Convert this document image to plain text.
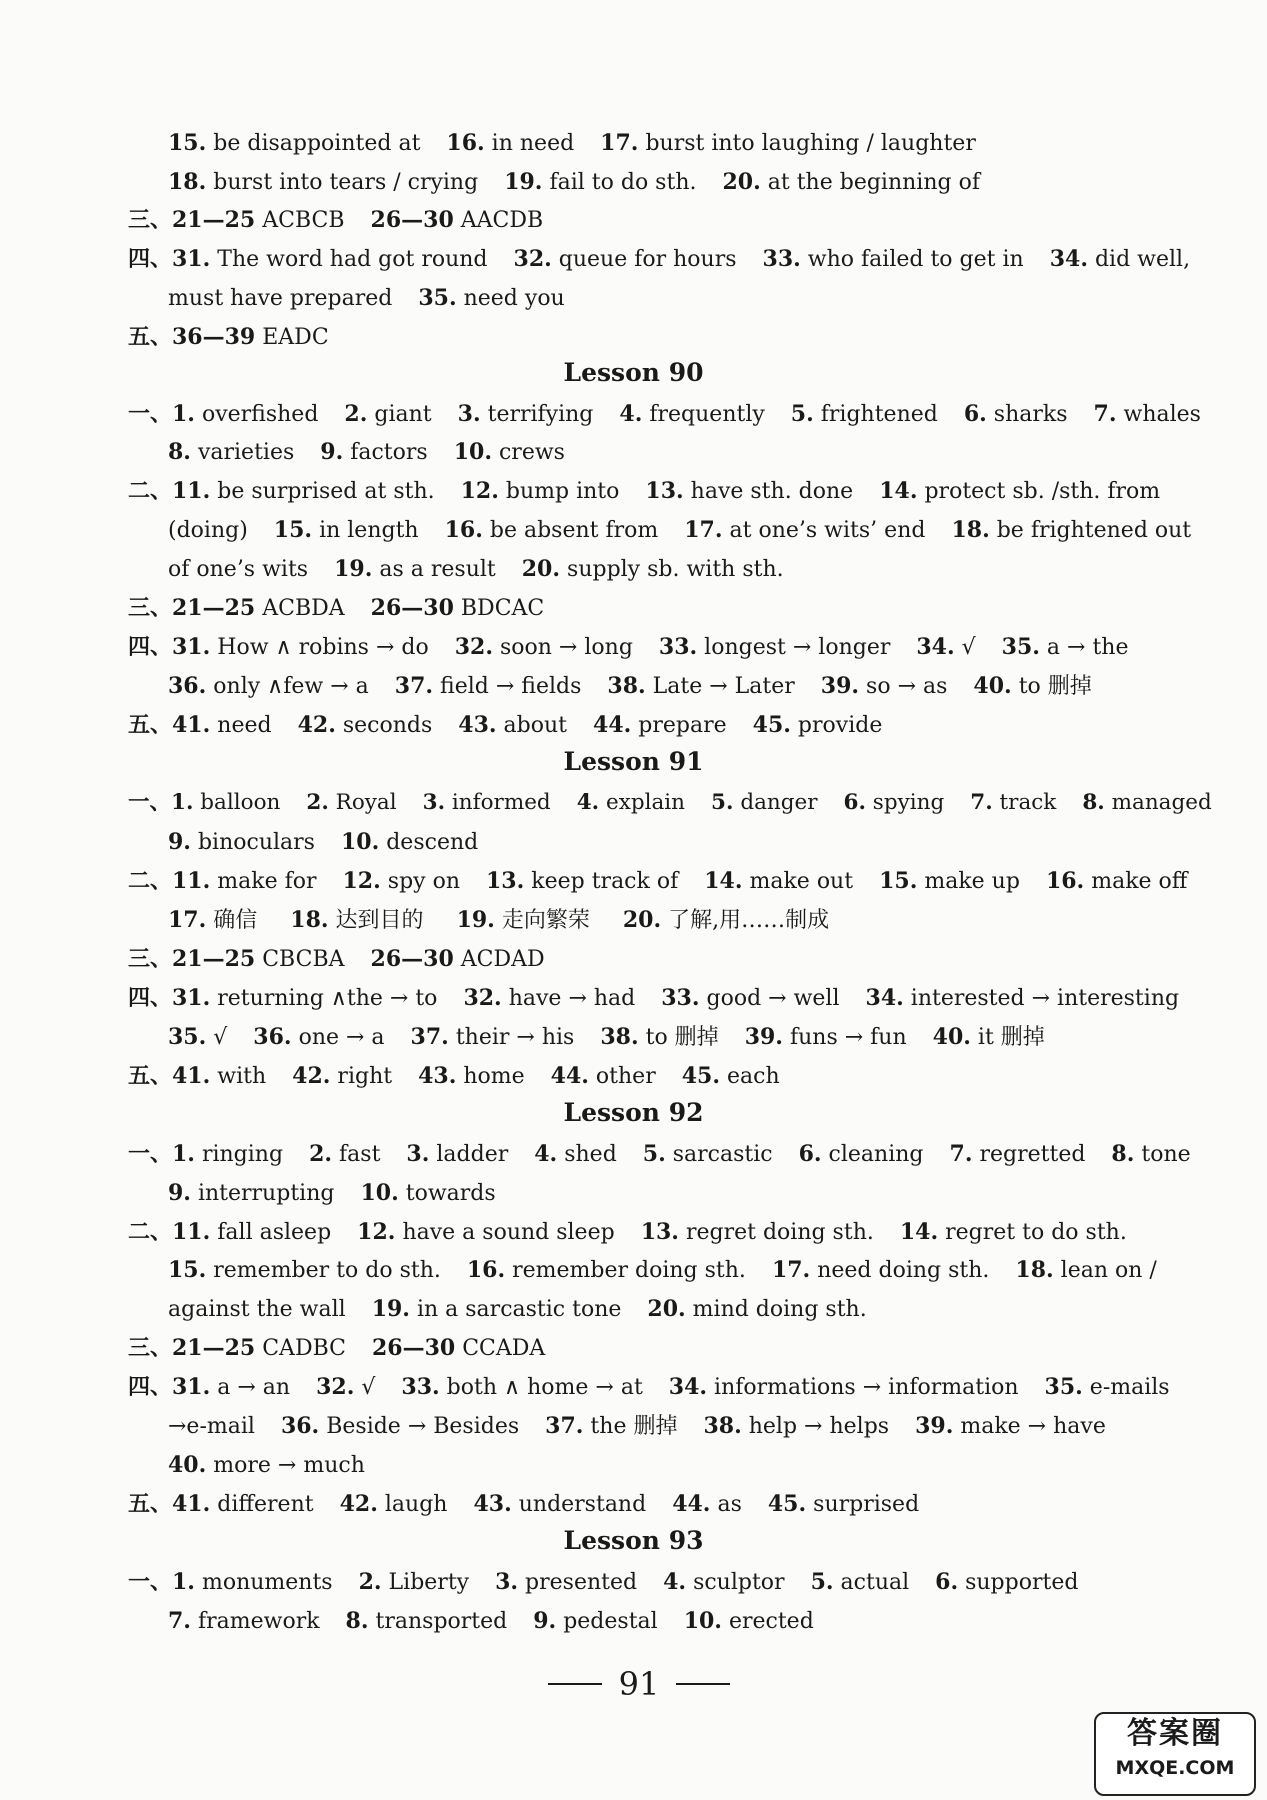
15. be disappointed at 16. in need 17. burst into laughing / laughter
18. burst into tears / crying 19. fail to do sth. 20. at the beginning of
三、21—25 ACBCB 26—30 AACDB
四、31. The word had got round 32. queue for hours 33. who failed to get in 34. did well,
must have prepared 35. need you
五、36—39 EADC
Lesson 90
一、1. overfished 2. giant 3. terrifying 4. frequently 5. frightened 6. sharks 7. whales
8. varieties 9. factors 10. crews
二、11. be surprised at sth. 12. bump into 13. have sth. done 14. protect sb. /sth. from
(doing) 15. in length 16. be absent from 17. at one’s wits’ end 18. be frightened out
of one’s wits 19. as a result 20. supply sb. with sth.
三、21—25 ACBDA 26—30 BDCAC
四、31. How ∧ robins → do 32. soon → long 33. longest → longer 34. √ 35. a → the
36. only ∧few → a 37. field → fields 38. Late → Later 39. so → as 40. to 删掉
五、41. need 42. seconds 43. about 44. prepare 45. provide
Lesson 91
一、1. balloon 2. Royal 3. informed 4. explain 5. danger 6. spying 7. track 8. managed
9. binoculars 10. descend
二、11. make for 12. spy on 13. keep track of 14. make out 15. make up 16. make off
17. 确信 18. 达到目的 19. 走向繁荣 20. 了解,用……制成
三、21—25 CBCBA 26—30 ACDAD
四、31. returning ∧the → to 32. have → had 33. good → well 34. interested → interesting
35. √ 36. one → a 37. their → his 38. to 删掉 39. funs → fun 40. it 删掉
五、41. with 42. right 43. home 44. other 45. each
Lesson 92
一、1. ringing 2. fast 3. ladder 4. shed 5. sarcastic 6. cleaning 7. regretted 8. tone
9. interrupting 10. towards
二、11. fall asleep 12. have a sound sleep 13. regret doing sth. 14. regret to do sth.
15. remember to do sth. 16. remember doing sth. 17. need doing sth. 18. lean on /
against the wall 19. in a sarcastic tone 20. mind doing sth.
三、21—25 CADBC 26—30 CCADA
四、31. a → an 32. √ 33. both ∧ home → at 34. informations → information 35. e-mails
→e-mail 36. Beside → Besides 37. the 删掉 38. help → helps 39. make → have
40. more → much
五、41. different 42. laugh 43. understand 44. as 45. surprised
Lesson 93
一、1. monuments 2. Liberty 3. presented 4. sculptor 5. actual 6. supported
7. framework 8. transported 9. pedestal 10. erected
91
答案圈
MXQE.COM
